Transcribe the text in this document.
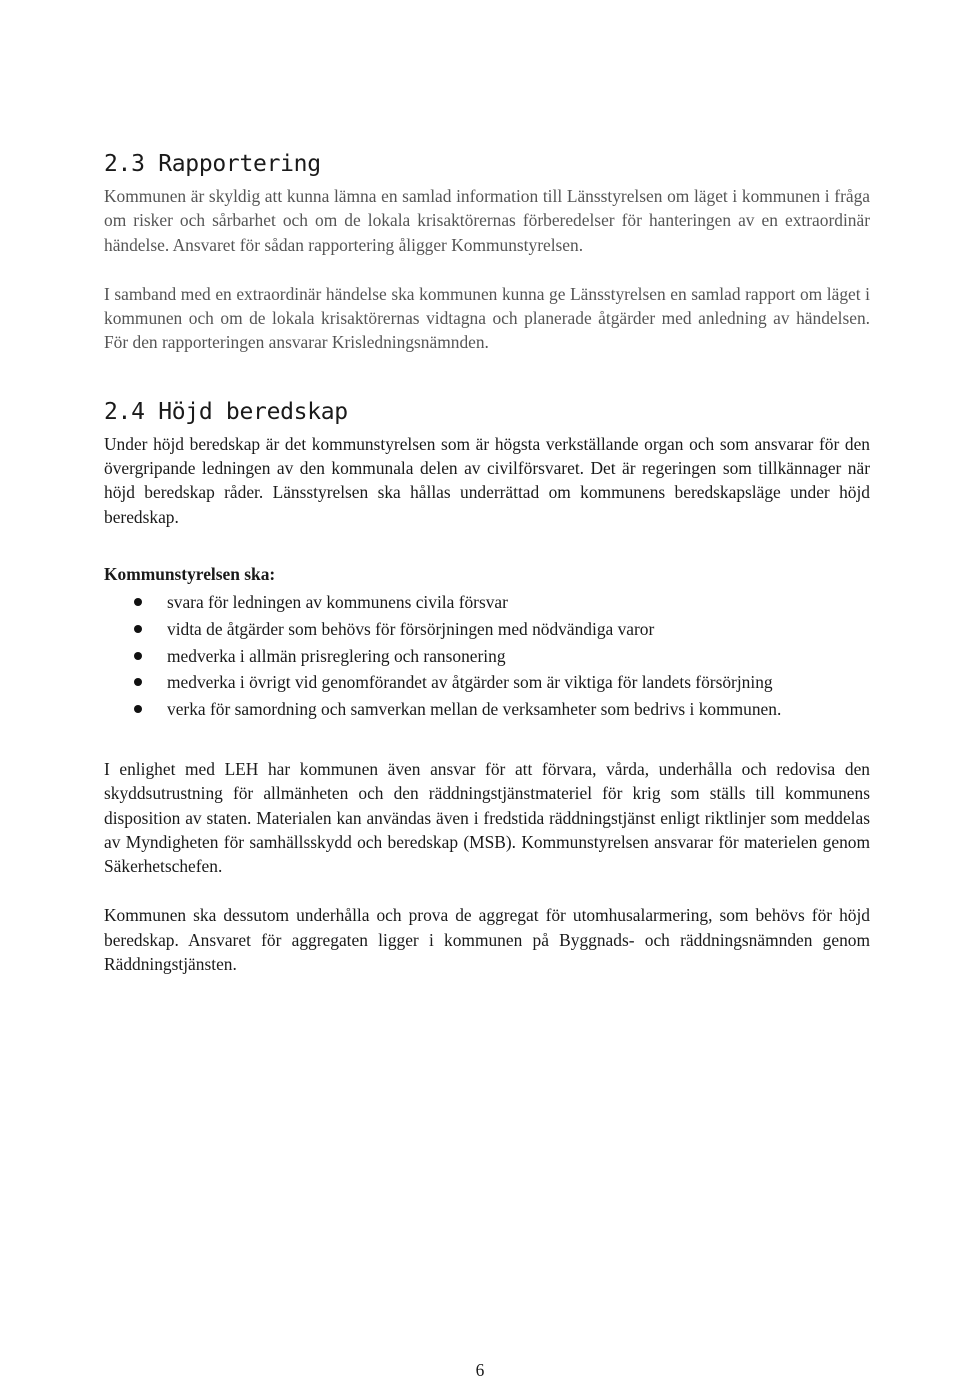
2.3 Rapportering

Kommunen är skyldig att kunna lämna en samlad information till Länsstyrelsen om läget i kommunen i fråga om risker och sårbarhet och om de lokala krisaktörernas förberedelser för hanteringen av en extraordinär händelse. Ansvaret för sådan rapportering åligger Kommunstyrelsen.

I samband med en extraordinär händelse ska kommunen kunna ge Länsstyrelsen en samlad rapport om läget i kommunen och om de lokala krisaktörernas vidtagna och planerade åtgärder med anledning av händelsen. För den rapporteringen ansvarar Krisledningsnämnden.

2.4 Höjd beredskap

Under höjd beredskap är det kommunstyrelsen som är högsta verkställande organ och som ansvarar för den övergripande ledningen av den kommunala delen av civilförsvaret. Det är regeringen som tillkännager när höjd beredskap råder. Länsstyrelsen ska hållas underrättad om kommunens beredskapsläge under höjd beredskap.

Kommunstyrelsen ska:
svara för ledningen av kommunens civila försvar
vidta de åtgärder som behövs för försörjningen med nödvändiga varor
medverka i allmän prisreglering och ransonering
medverka i övrigt vid genomförandet av åtgärder som är viktiga för landets försörjning
verka för samordning och samverkan mellan de verksamheter som bedrivs i kommunen.

I enlighet med LEH har kommunen även ansvar för att förvara, vårda, underhålla och redovisa den skyddsutrustning för allmänheten och den räddningstjänstmateriel för krig som ställs till kommunens disposition av staten. Materialen kan användas även i fredstida räddningstjänst enligt riktlinjer som meddelas av Myndigheten för samhällsskydd och beredskap (MSB). Kommunstyrelsen ansvarar för materielen genom Säkerhetschefen.

Kommunen ska dessutom underhålla och prova de aggregat för utomhusalarmering, som behövs för höjd beredskap. Ansvaret för aggregaten ligger i kommunen på Byggnads- och räddningsnämnden genom Räddningstjänsten.

6
